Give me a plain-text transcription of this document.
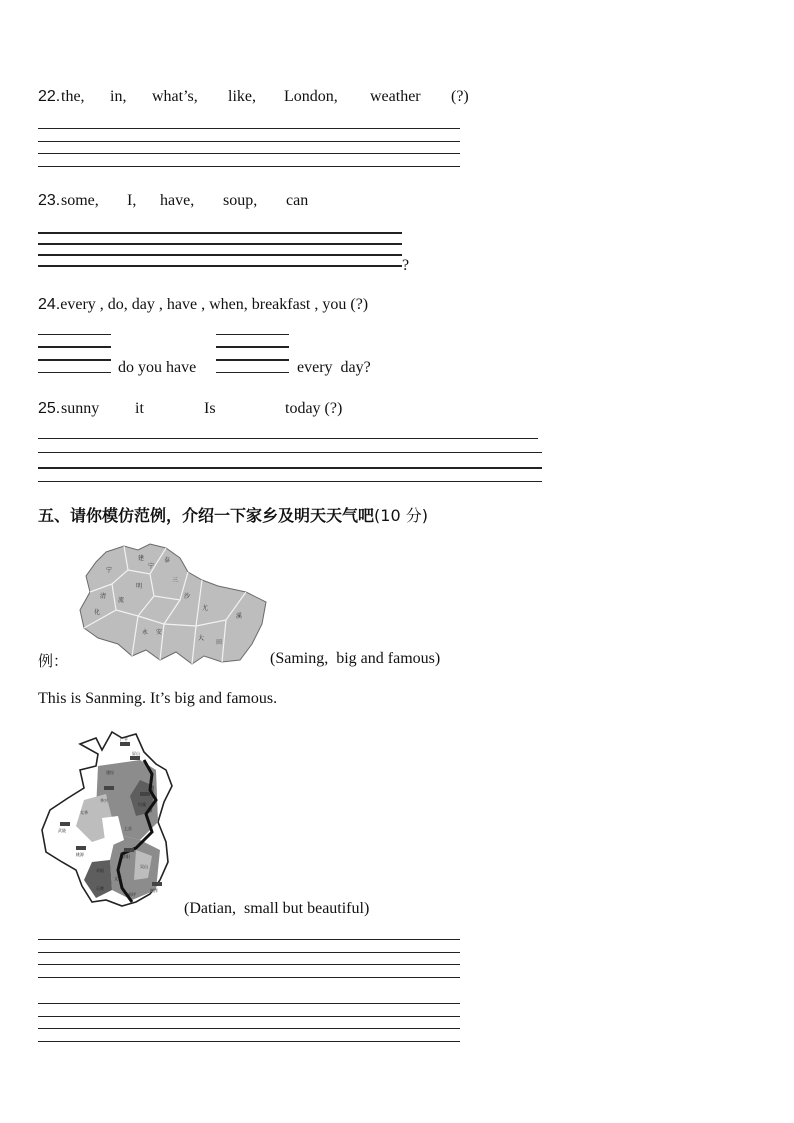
22. the, in, what’s, like, London, weather (?)
23. some, I, have, soup, can
?
24.every , do, day , have , when, breakfast , you (?)
do you have	every  day?
25. sunny it	Is	today (?)
五、请你模仿范例，介绍一下家乡及明天天气吧(10 分)
建	泰
宁
宁
明
三
沙
清
流
化
永 安
尤
溪
大
田
例：	(Saming,  big and famous)
This is Sanming. It’s big and famous.
广平
屏山
建设
均溪
华兴
武陵
太华
上京
桃源
奇韬
济阳
吴山
谢洋
文江
石牌
前坪
(Datian,  small but beautiful)
